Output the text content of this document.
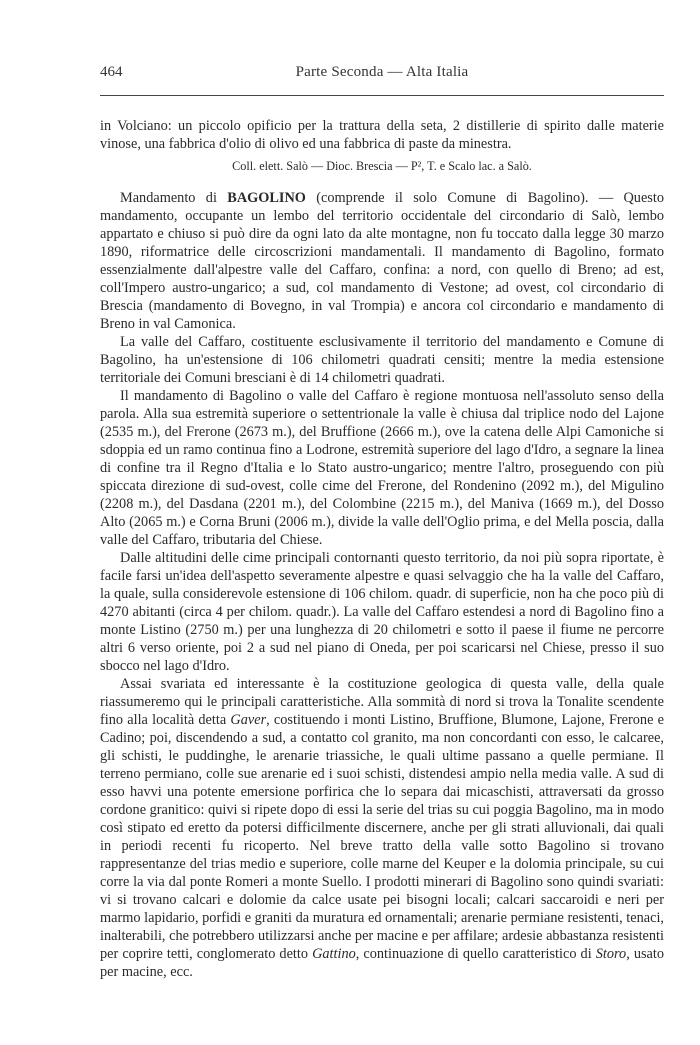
464	Parte Seconda — Alta Italia

in Volciano: un piccolo opificio per la trattura della seta, 2 distillerie di spirito dalle materie vinose, una fabbrica d'olio di olivo ed una fabbrica di paste da minestra.

Coll. elett. Salò — Dioc. Brescia — P², T. e Scalo lac. a Salò.

Mandamento di BAGOLINO (comprende il solo Comune di Bagolino). — Questo mandamento, occupante un lembo del territorio occidentale del circondario di Salò, lembo appartato e chiuso si può dire da ogni lato da alte montagne, non fu toccato dalla legge 30 marzo 1890, riformatrice delle circoscrizioni mandamentali. Il mandamento di Bagolino, formato essenzialmente dall'alpestre valle del Caffaro, confina: a nord, con quello di Breno; ad est, coll'Impero austro-ungarico; a sud, col mandamento di Vestone; ad ovest, col circondario di Brescia (mandamento di Bovegno, in val Trompia) e ancora col circondario e mandamento di Breno in val Camonica.

La valle del Caffaro, costituente esclusivamente il territorio del mandamento e Comune di Bagolino, ha un'estensione di 106 chilometri quadrati censiti; mentre la media estensione territoriale dei Comuni bresciani è di 14 chilometri quadrati.

Il mandamento di Bagolino o valle del Caffaro è regione montuosa nell'assoluto senso della parola. Alla sua estremità superiore o settentrionale la valle è chiusa dal triplice nodo del Lajone (2535 m.), del Frerone (2673 m.), del Bruffione (2666 m.), ove la catena delle Alpi Camoniche si sdoppia ed un ramo continua fino a Lodrone, estremità superiore del lago d'Idro, a segnare la linea di confine tra il Regno d'Italia e lo Stato austro-ungarico; mentre l'altro, proseguendo con più spiccata direzione di sud-ovest, colle cime del Frerone, del Rondenino (2092 m.), del Migulino (2208 m.), del Dasdana (2201 m.), del Colombine (2215 m.), del Maniva (1669 m.), del Dosso Alto (2065 m.) e Corna Bruni (2006 m.), divide la valle dell'Oglio prima, e del Mella poscia, dalla valle del Caffaro, tributaria del Chiese.

Dalle altitudini delle cime principali contornanti questo territorio, da noi più sopra riportate, è facile farsi un'idea dell'aspetto severamente alpestre e quasi selvaggio che ha la valle del Caffaro, la quale, sulla considerevole estensione di 106 chilom. quadr. di superficie, non ha che poco più di 4270 abitanti (circa 4 per chilom. quadr.). La valle del Caffaro estendesi a nord di Bagolino fino a monte Listino (2750 m.) per una lunghezza di 20 chilometri e sotto il paese il fiume ne percorre altri 6 verso oriente, poi 2 a sud nel piano di Oneda, per poi scaricarsi nel Chiese, presso il suo sbocco nel lago d'Idro.

Assai svariata ed interessante è la costituzione geologica di questa valle, della quale riassumeremo qui le principali caratteristiche. Alla sommità di nord si trova la Tonalite scendente fino alla località detta Gaver, costituendo i monti Listino, Bruffione, Blumone, Lajone, Frerone e Cadino; poi, discendendo a sud, a contatto col granito, ma non concordanti con esso, le calcaree, gli schisti, le puddinghe, le arenarie triassiche, le quali ultime passano a quelle permiane. Il terreno permiano, colle sue arenarie ed i suoi schisti, distendesi ampio nella media valle. A sud di esso havvi una potente emersione porfirica che lo separa dai micaschisti, attraversati da grosso cordone granitico: quivi si ripete dopo di essi la serie del trias su cui poggia Bagolino, ma in modo così stipato ed eretto da potersi difficilmente discernere, anche per gli strati alluvionali, dai quali in periodi recenti fu ricoperto. Nel breve tratto della valle sotto Bagolino si trovano rappresentanze del trias medio e superiore, colle marne del Keuper e la dolomia principale, su cui corre la via dal ponte Romeri a monte Suello. I prodotti minerari di Bagolino sono quindi svariati: vi si trovano calcari e dolomie da calce usate pei bisogni locali; calcari saccaroidi e neri per marmo lapidario, porfidi e graniti da muratura ed ornamentali; arenarie permiane resistenti, tenaci, inalterabili, che potrebbero utilizzarsi anche per macine e per affilare; ardesie abbastanza resistenti per coprire tetti, conglomerato detto Gattino, continuazione di quello caratteristico di Storo, usato per macine, ecc.
